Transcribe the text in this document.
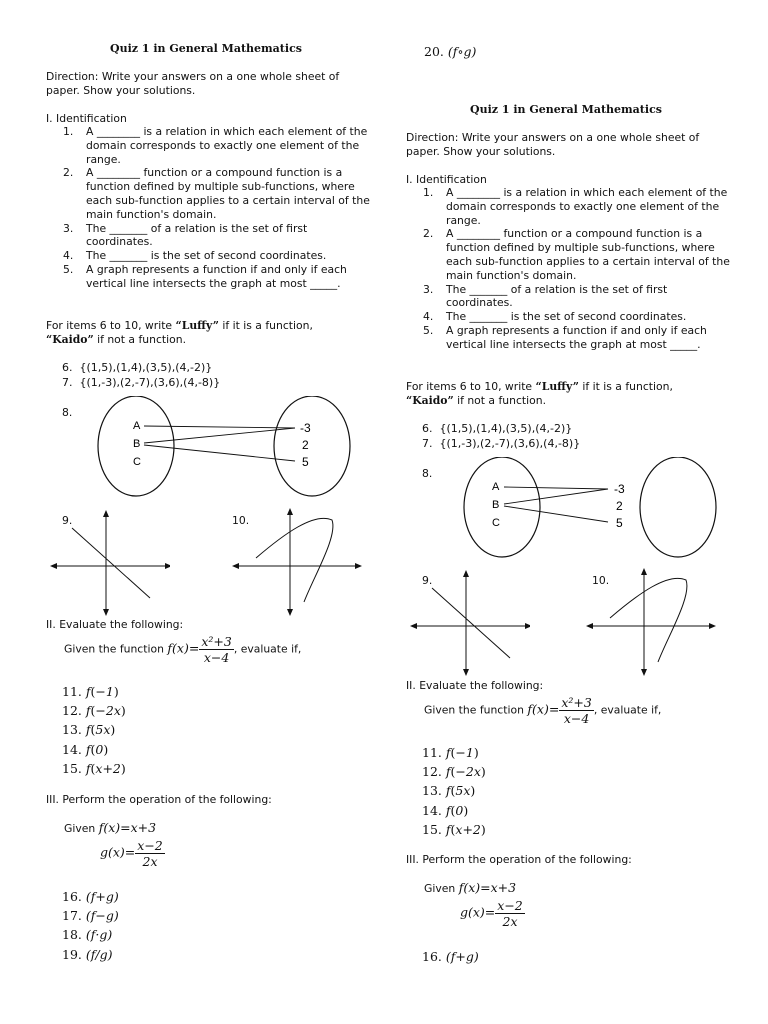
Quiz 1 in General Mathematics
Direction: Write your answers on a one whole sheet of paper. Show your solutions.
I. Identification
1. A ________ is a relation in which each element of the domain corresponds to exactly one element of the range.
2. A ________ function or a compound function is a function defined by multiple sub-functions, where each sub-function applies to a certain interval of the main function's domain.
3. The _______ of a relation is the set of first coordinates.
4. The _______ is the set of second coordinates.
5. A graph represents a function if and only if each vertical line intersects the graph at most _____.
For items 6 to 10, write “Luffy” if it is a function, “Kaido” if not a function.
6. {(1,5),(1,4),(3,5),(4,-2)}
7. {(1,-3),(2,-7),(3,6),(4,-8)}
8.
A
B
C
-3
2
5
9.	10.
II. Evaluate the following:
Given the function $f(x)= \frac{\text{x²+3}}{x-4}$ , evaluate if,
11. f(−1)
12. f(−2x)
13. f(5x)
14. f(0)
15. f(x+2)
III. Perform the operation of the following:
Given f(x)=x+3
$g(x)= \frac{x-2}{2x}$
16. (f+g)
17. (f−g)
18. (f·g)
19. (f/g)
20. (f∘g)
Quiz 1 in General Mathematics
Direction: Write your answers on a one whole sheet of paper. Show your solutions.
I. Identification
1. A ________ is a relation in which each element of the domain corresponds to exactly one element of the range.
2. A ________ function or a compound function is a function defined by multiple sub-functions, where each sub-function applies to a certain interval of the main function's domain.
3. The _______ of a relation is the set of first coordinates.
4. The _______ is the set of second coordinates.
5. A graph represents a function if and only if each vertical line intersects the graph at most _____.
For items 6 to 10, write “Luffy” if it is a function, “Kaido” if not a function.
6. {(1,5),(1,4),(3,5),(4,-2)}
7. {(1,-3),(2,-7),(3,6),(4,-8)}
8.
A
B
C
-3
2
5
9.	10.
II. Evaluate the following:
Given the function $f(x)= \frac{\text{x²+3}}{x-4}$ , evaluate if,
11. f(−1)
12. f(−2x)
13. f(5x)
14. f(0)
15. f(x+2)
III. Perform the operation of the following:
Given f(x)=x+3
$g(x)= \frac{x-2}{2x}$
16. (f+g)
